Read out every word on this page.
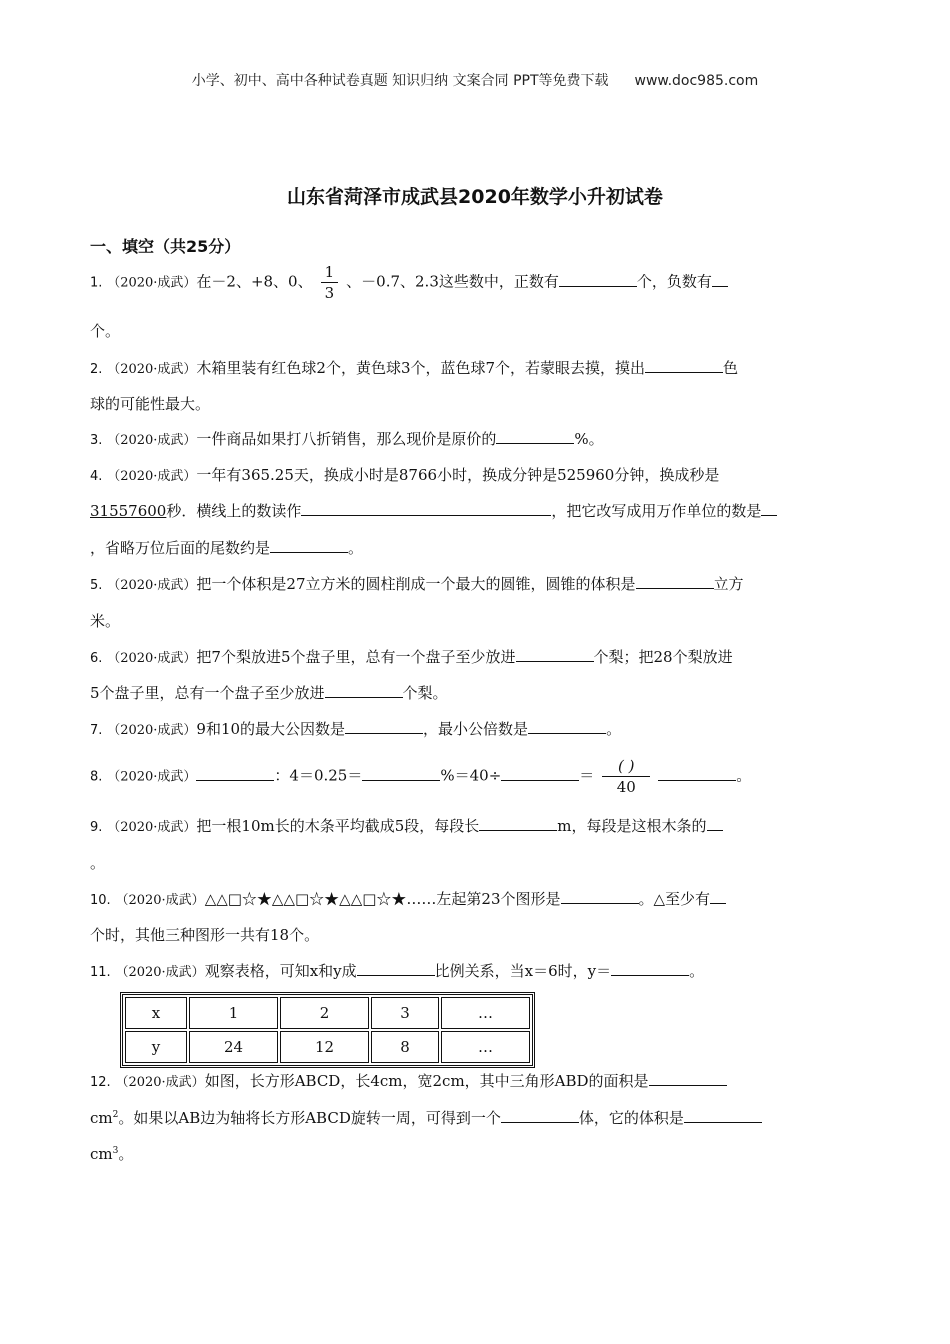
小学、初中、高中各种试卷真题 知识归纳 文案合同 PPT等免费下载 www.doc985.com
山东省菏泽市成武县2020年数学小升初试卷
一、填空（共25分）
1. （2020·成武）在－2、+8、0、 $\frac{1}{3}$ 、－0.7、2.3这些数中，正数有	个，负数有
个。
2. （2020·成武）木箱里装有红色球2个，黄色球3个，蓝色球7个，若蒙眼去摸，摸出	色
球的可能性最大。
3. （2020·成武）一件商品如果打八折销售，那么现价是原价的	%。
4. （2020·成武）一年有365.25天，换成小时是8766小时，换成分钟是525960分钟，换成秒是
31557600秒．横线上的数读作	，把它改写成用万作单位的数是
，省略万位后面的尾数约是	。
5. （2020·成武）把一个体积是27立方米的圆柱削成一个最大的圆锥，圆锥的体积是	立方
米。
6. （2020·成武）把7个梨放进5个盘子里，总有一个盘子至少放进	个梨；把28个梨放进
5个盘子里，总有一个盘子至少放进	个梨。
7. （2020·成武）9和10的最大公因数是	，最小公倍数是	。
8. （2020·成武）	：4＝0.25＝	%＝40÷	＝ $\frac{( )}{40}$	。
9. （2020·成武）把一根10m长的木条平均截成5段，每段长	m，每段是这根木条的
。
10. （2020·成武）△△□☆★△△□☆★△△□☆★……左起第23个图形是	。△至少有
个时，其他三种图形一共有18个。
11. （2020·成武）观察表格，可知x和y成	比例关系，当x＝6时，y＝	。
x	1	2	3	…
y	24	12	8	…
12. （2020·成武）如图，长方形ABCD，长4cm，宽2cm，其中三角形ABD的面积是
$cm^2$。如果以AB边为轴将长方形ABCD旋转一周，可得到一个	体，它的体积是
$cm^3$。
